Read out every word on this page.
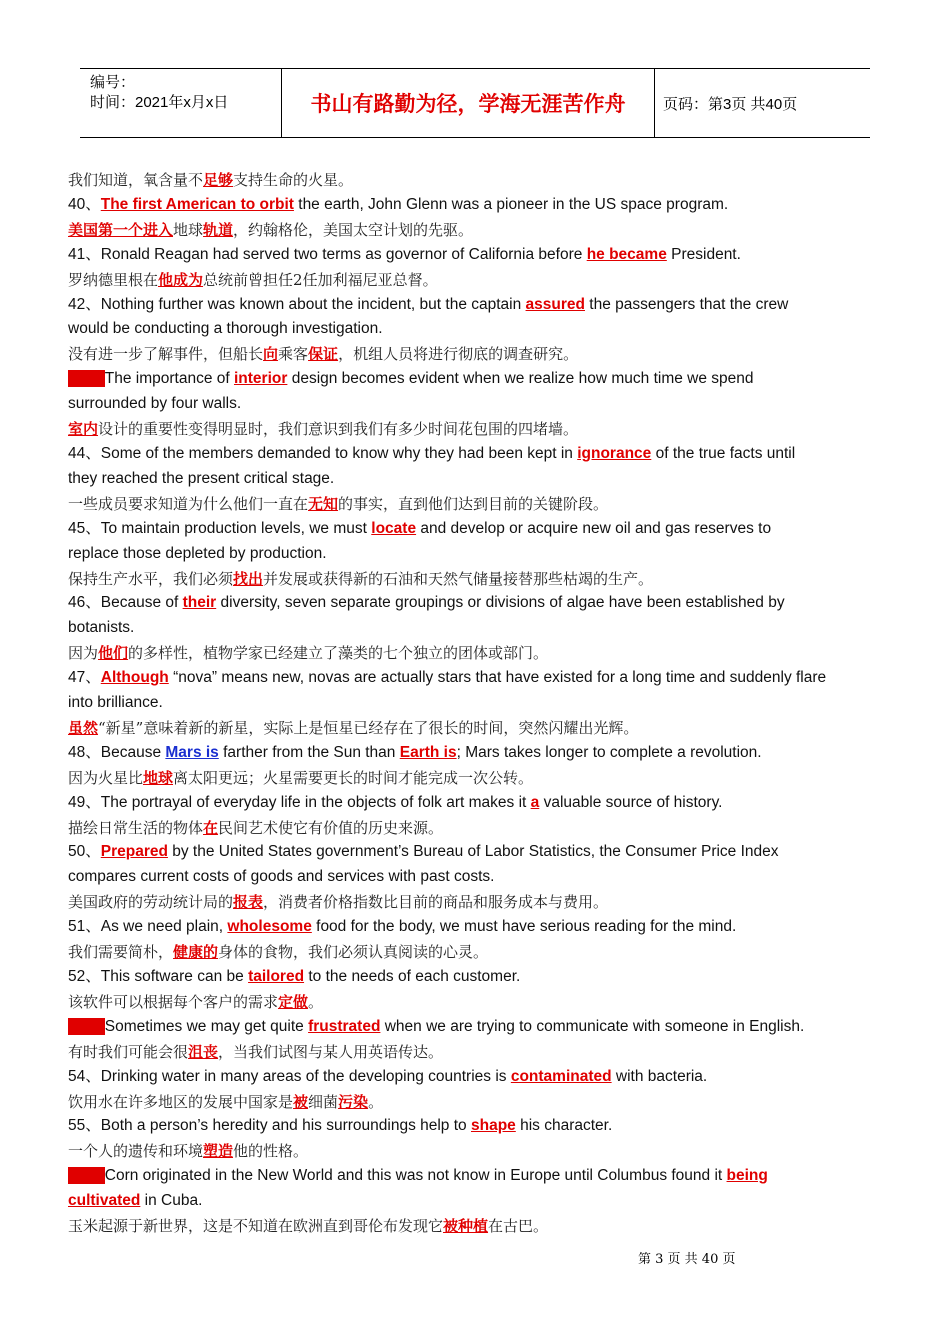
编号：
时间：2021年x月x日	书山有路勤为径，学海无涯苦作舟	页码：第3页 共40页
我们知道，氧含量不足够支持生命的火星。
40、The first American to orbit the earth, John Glenn was a pioneer in the US space program.
美国第一个进入地球轨道，约翰格伦，美国太空计划的先驱。
41、Ronald Reagan had served two terms as governor of California before he became President.
罗纳德里根在他成为总统前曾担任2任加利福尼亚总督。
42、Nothing further was known about the incident, but the captain assured the passengers that the crew
would be conducting a thorough investigation.
没有进一步了解事件，但船长向乘客保证，机组人员将进行彻底的调查研究。
43、 The importance of interior design becomes evident when we realize how much time we spend
surrounded by four walls.
室内设计的重要性变得明显时，我们意识到我们有多少时间花包围的四堵墙。
44、Some of the members demanded to know why they had been kept in ignorance of the true facts until
they reached the present critical stage.
一些成员要求知道为什么他们一直在无知的事实，直到他们达到目前的关键阶段。
45、To maintain production levels, we must locate and develop or acquire new oil and gas reserves to
replace those depleted by production.
保持生产水平，我们必须找出并发展或获得新的石油和天然气储量接替那些枯竭的生产。
46、Because of their diversity, seven separate groupings or divisions of algae have been established by
botanists.
因为他们的多样性，植物学家已经建立了藻类的七个独立的团体或部门。
47、Although “nova” means new, novas are actually stars that have existed for a long time and suddenly flare
into brilliance.
虽然“新星”意味着新的新星，实际上是恒星已经存在了很长的时间，突然闪耀出光辉。
48、Because Mars is farther from the Sun than Earth is; Mars takes longer to complete a revolution.
因为火星比地球离太阳更远；火星需要更长的时间才能完成一次公转。
49、The portrayal of everyday life in the objects of folk art makes it a valuable source of history.
描绘日常生活的物体在民间艺术使它有价值的历史来源。
50、Prepared by the United States government’s Bureau of Labor Statistics, the Consumer Price Index
compares current costs of goods and services with past costs.
美国政府的劳动统计局的报表，消费者价格指数比目前的商品和服务成本与费用。
51、As we need plain, wholesome food for the body, we must have serious reading for the mind.
我们需要简朴，健康的身体的食物，我们必须认真阅读的心灵。
52、This software can be tailored to the needs of each customer.
该软件可以根据每个客户的需求定做。
53、 Sometimes we may get quite frustrated when we are trying to communicate with someone in English.
有时我们可能会很沮丧，当我们试图与某人用英语传达。
54、Drinking water in many areas of the developing countries is contaminated with bacteria.
饮用水在许多地区的发展中国家是被细菌污染。
55、Both a person’s heredity and his surroundings help to shape his character.
一个人的遗传和环境塑造他的性格。
56、 Corn originated in the New World and this was not know in Europe until Columbus found it being
cultivated in Cuba.
玉米起源于新世界，这是不知道在欧洲直到哥伦布发现它被种植在古巴。
第 3 页 共 40 页
